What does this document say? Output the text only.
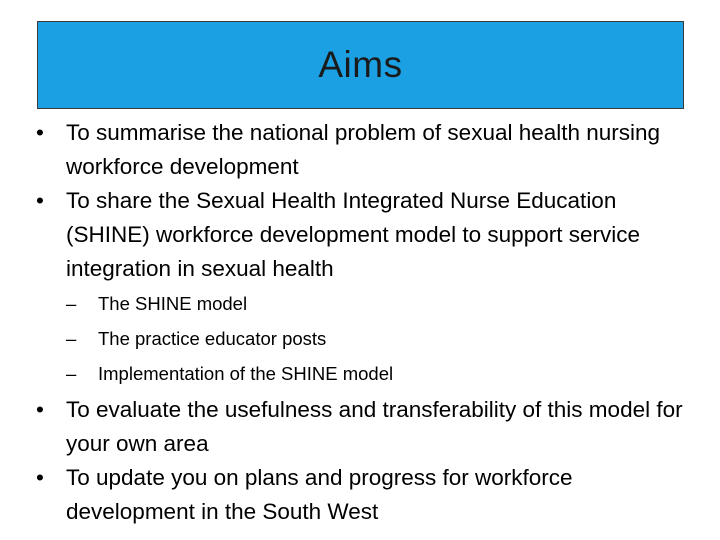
Aims
• To summarise the national problem of sexual health nursing workforce development
• To share the Sexual Health Integrated Nurse Education (SHINE) workforce development model to support service integration in sexual health
–	The SHINE model
–	The practice educator posts
–	Implementation of the SHINE model
• To evaluate the usefulness and transferability of this model for your own area
• To update you on plans and progress for workforce development in the South West
